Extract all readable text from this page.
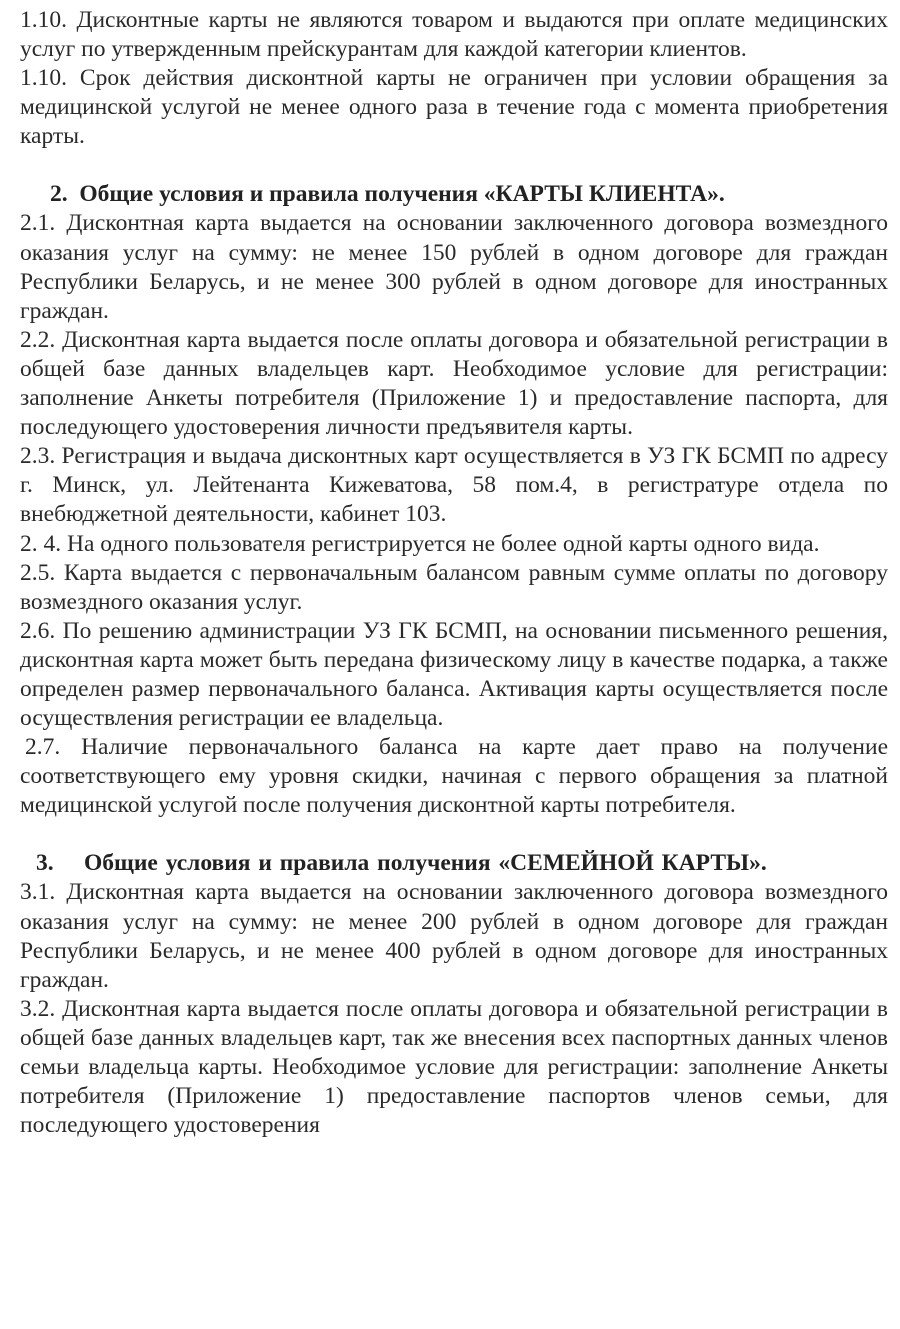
1.10. Дисконтные карты не являются товаром и выдаются при оплате медицинских услуг по утвержденным прейскурантам для каждой категории клиентов.

1.10. Срок действия дисконтной карты не ограничен при условии обращения за медицинской услугой не менее одного раза в течение года с момента приобретения карты.

2. Общие условия и правила получения «КАРТЫ КЛИЕНТА».

2.1. Дисконтная карта выдается на основании заключенного договора возмездного оказания услуг на сумму: не менее 150 рублей в одном договоре для граждан Республики Беларусь, и не менее 300 рублей в одном договоре для иностранных граждан.

2.2. Дисконтная карта выдается после оплаты договора и обязательной регистрации в общей базе данных владельцев карт. Необходимое условие для регистрации: заполнение Анкеты потребителя (Приложение 1) и предоставление паспорта, для последующего удостоверения личности предъявителя карты.

2.3. Регистрация и выдача дисконтных карт осуществляется в УЗ ГК БСМП по адресу г. Минск, ул. Лейтенанта Кижеватова, 58 пом.4, в регистратуре отдела по внебюджетной деятельности, кабинет 103.

2. 4. На одного пользователя регистрируется не более одной карты одного вида.

2.5. Карта выдается с первоначальным балансом равным сумме оплаты по договору возмездного оказания услуг.

2.6. По решению администрации УЗ ГК БСМП, на основании письменного решения, дисконтная карта может быть передана физическому лицу в качестве подарка, а также определен размер первоначального баланса. Активация карты осуществляется после осуществления регистрации ее владельца.

2.7. Наличие первоначального баланса на карте дает право на получение соответствующего ему уровня скидки, начиная с первого обращения за платной медицинской услугой после получения дисконтной карты потребителя.

3. Общие условия и правила получения «СЕМЕЙНОЙ КАРТЫ».

3.1. Дисконтная карта выдается на основании заключенного договора возмездного оказания услуг на сумму: не менее 200 рублей в одном договоре для граждан Республики Беларусь, и не менее 400 рублей в одном договоре для иностранных граждан.

3.2. Дисконтная карта выдается после оплаты договора и обязательной регистрации в общей базе данных владельцев карт, так же внесения всех паспортных данных членов семьи владельца карты. Необходимое условие для регистрации: заполнение Анкеты потребителя (Приложение 1) предоставление паспортов членов семьи, для последующего удостоверения
